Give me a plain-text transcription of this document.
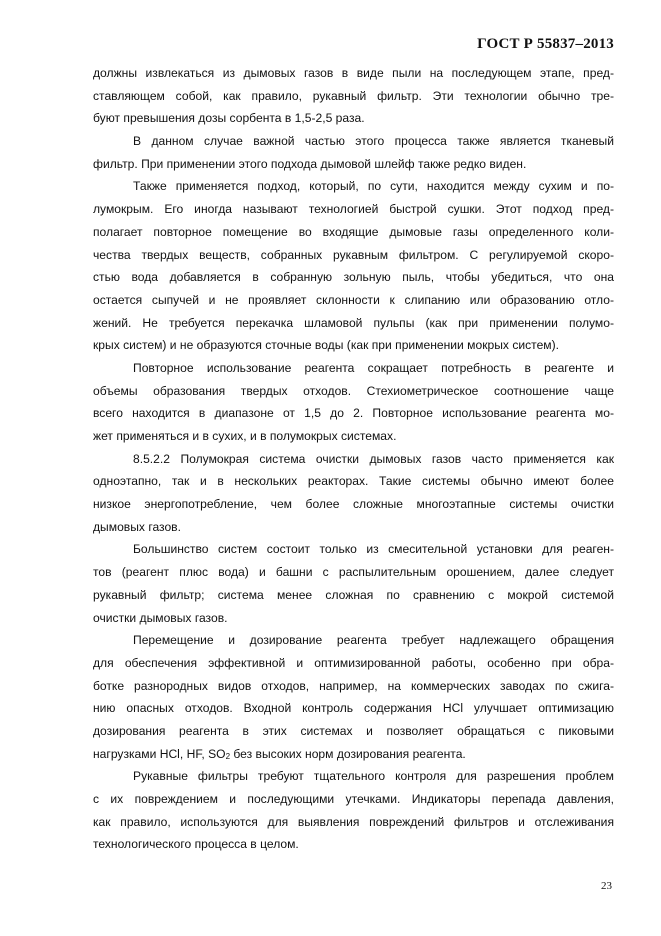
ГОСТ Р 55837–2013
должны извлекаться из дымовых газов в виде пыли на последующем этапе, пред-
ставляющем собой, как правило, рукавный фильтр. Эти технологии обычно тре-
буют превышения дозы сорбента в 1,5-2,5 раза.
В данном случае важной частью этого процесса также является тканевый
фильтр. При применении этого подхода дымовой шлейф также редко виден.
Также применяется подход, который, по сути, находится между сухим и по-
лумокрым. Его иногда называют технологией быстрой сушки. Этот подход пред-
полагает повторное помещение во входящие дымовые газы определенного коли-
чества твердых веществ, собранных рукавным фильтром. С регулируемой скоро-
стью вода добавляется в собранную зольную пыль, чтобы убедиться, что она
остается сыпучей и не проявляет склонности к слипанию или образованию отло-
жений. Не требуется перекачка шламовой пульпы (как при применении полумо-
крых систем) и не образуются сточные воды (как при применении мокрых систем).
Повторное использование реагента сокращает потребность в реагенте и
объемы образования твердых отходов. Стехиометрическое соотношение чаще
всего находится в диапазоне от 1,5 до 2. Повторное использование реагента мо-
жет применяться и в сухих, и в полумокрых системах.
8.5.2.2 Полумокрая система очистки дымовых газов часто применяется как
одноэтапно, так и в нескольких реакторах. Такие системы обычно имеют более
низкое энергопотребление, чем более сложные многоэтапные системы очистки
дымовых газов.
Большинство систем состоит только из смесительной установки для реаген-
тов (реагент плюс вода) и башни с распылительным орошением, далее следует
рукавный фильтр; система менее сложная по сравнению с мокрой системой
очистки дымовых газов.
Перемещение и дозирование реагента требует надлежащего обращения
для обеспечения эффективной и оптимизированной работы, особенно при обра-
ботке разнородных видов отходов, например, на коммерческих заводах по сжига-
нию опасных отходов. Входной контроль содержания HCl улучшает оптимизацию
дозирования реагента в этих системах и позволяет обращаться с пиковыми
нагрузками HCl, HF, $SO_2$ без высоких норм дозирования реагента.
Рукавные фильтры требуют тщательного контроля для разрешения проблем
с их повреждением и последующими утечками. Индикаторы перепада давления,
как правило, используются для выявления повреждений фильтров и отслеживания
технологического процесса в целом.
23
